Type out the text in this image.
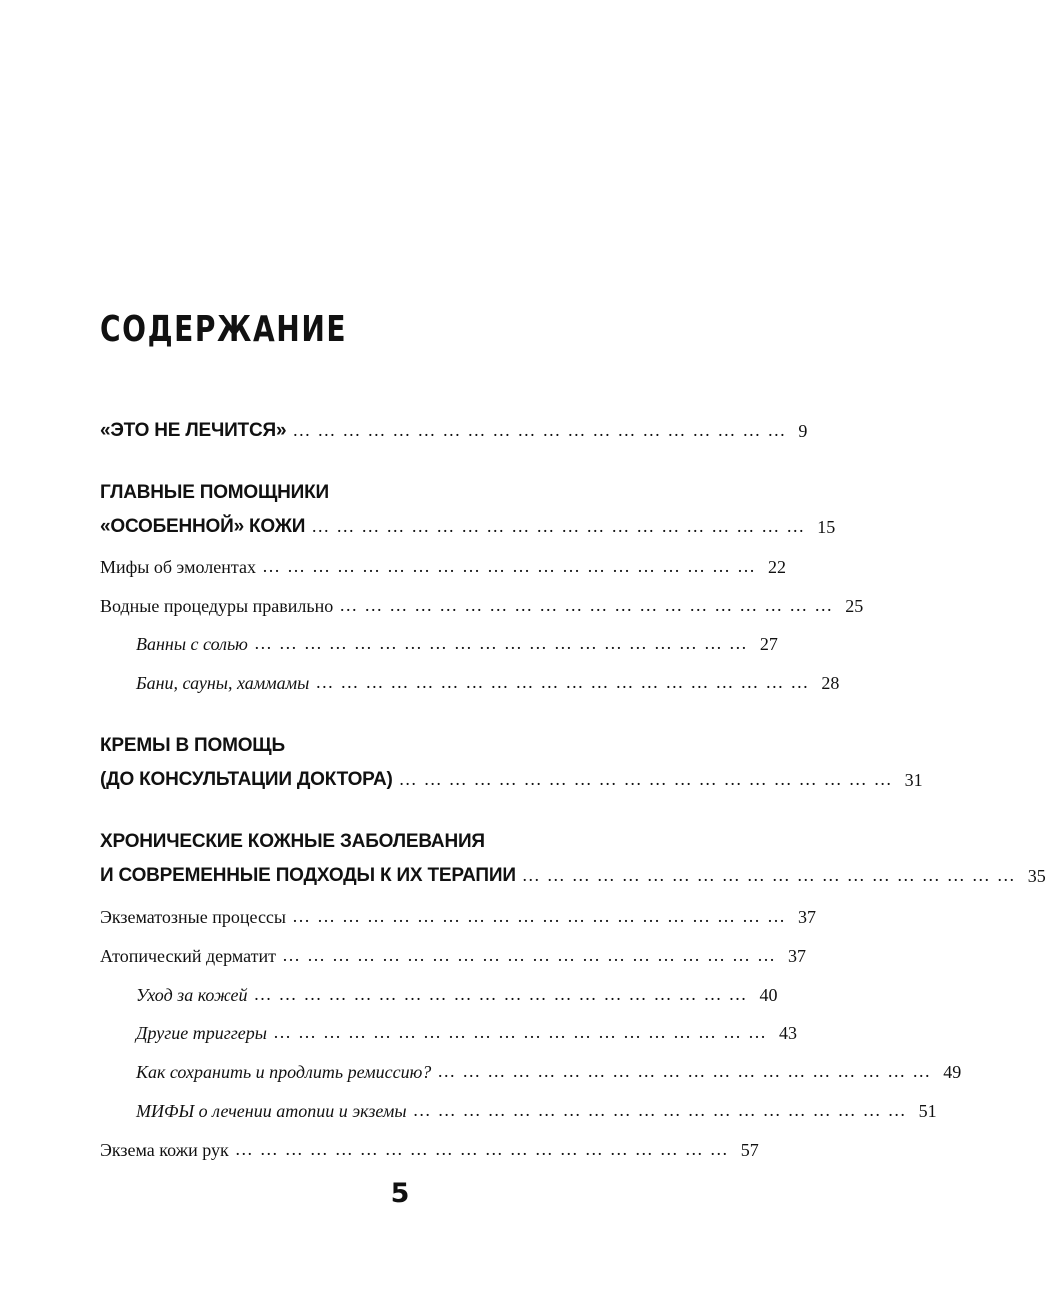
СОДЕРЖАНИЕ
«ЭТО НЕ ЛЕЧИТСЯ» …………………………………………………… 9
ГЛАВНЫЕ ПОМОЩНИКИ
«ОСОБЕННОЙ» КОЖИ …………………………………………………… 15
Мифы об эмолентах …………………………………………………… 22
Водные процедуры правильно …………………………………………………… 25
Ванны с солью …………………………………………………… 27
Бани, сауны, хаммамы …………………………………………………… 28
КРЕМЫ В ПОМОЩЬ
(ДО КОНСУЛЬТАЦИИ ДОКТОРА) …………………………………………………… 31
ХРОНИЧЕСКИЕ КОЖНЫЕ ЗАБОЛЕВАНИЯ
И СОВРЕМЕННЫЕ ПОДХОДЫ К ИХ ТЕРАПИИ …………………………………………………… 35
Экзематозные процессы …………………………………………………… 37
Атопический дерматит …………………………………………………… 37
Уход за кожей …………………………………………………… 40
Другие триггеры …………………………………………………… 43
Как сохранить и продлить ремиссию? …………………………………………………… 49
МИФЫ о лечении атопии и экземы …………………………………………………… 51
Экзема кожи рук …………………………………………………… 57
5
